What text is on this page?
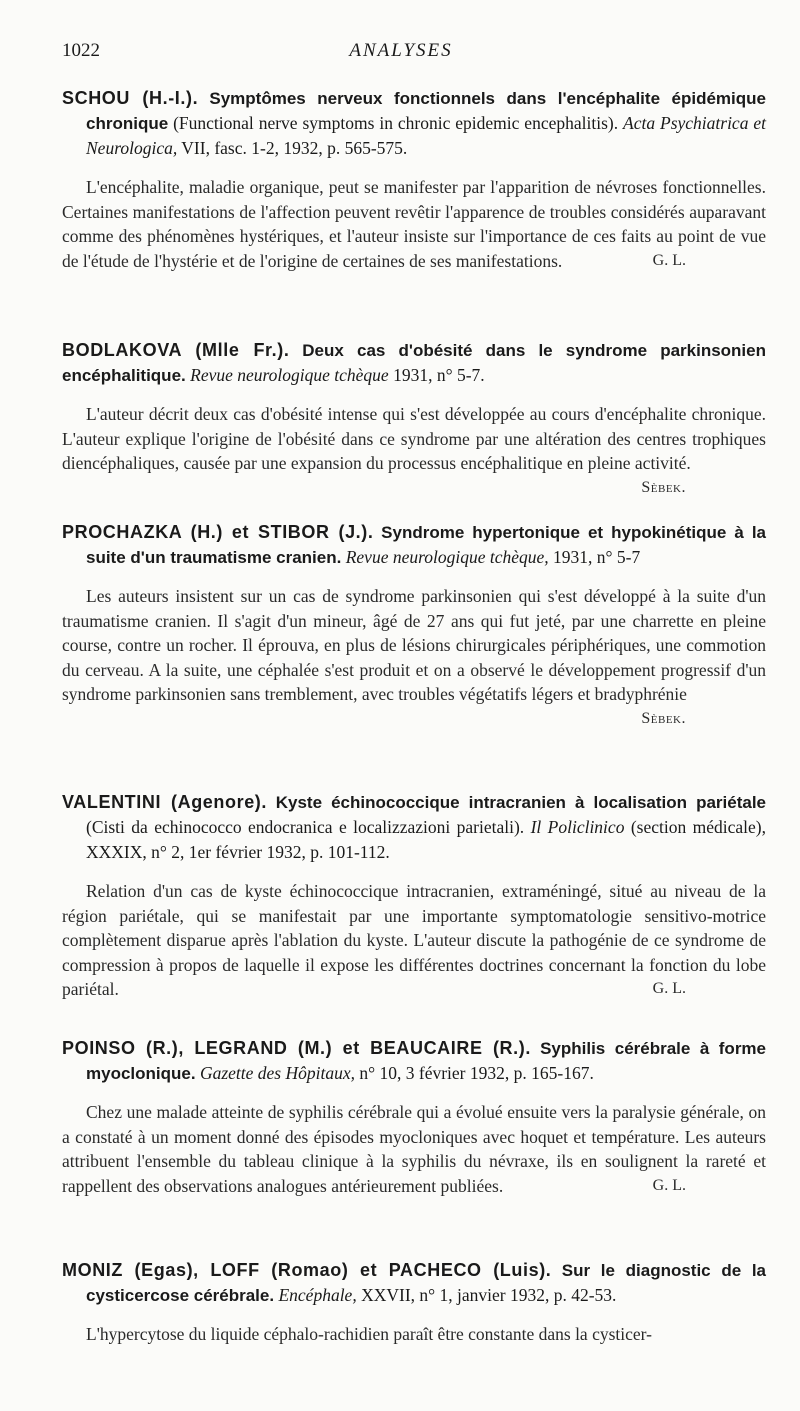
1022	ANALYSES

SCHOU (H.-I.). Symptômes nerveux fonctionnels dans l'encéphalite épidémique chronique (Functional nerve symptoms in chronic epidemic encephalitis). Acta Psychiatrica et Neurologica, VII, fasc. 1-2, 1932, p. 565-575.

L'encéphalite, maladie organique, peut se manifester par l'apparition de névroses fonctionnelles. Certaines manifestations de l'affection peuvent revêtir l'apparence de troubles considérés auparavant comme des phénomènes hystériques, et l'auteur insiste sur l'importance de ces faits au point de vue de l'étude de l'hystérie et de l'origine de certaines de ses manifestations.	G. L.

BODLAKOVA (Mlle Fr.). Deux cas d'obésité dans le syndrome parkinsonien encéphalitique. Revue neurologique tchèque 1931, n° 5-7.

L'auteur décrit deux cas d'obésité intense qui s'est développée au cours d'encéphalite chronique. L'auteur explique l'origine de l'obésité dans ce syndrome par une altération des centres trophiques diencéphaliques, causée par une expansion du processus encéphalitique en pleine activité.
Sèbek.

PROCHAZKA (H.) et STIBOR (J.). Syndrome hypertonique et hypokinétique à la suite d'un traumatisme cranien. Revue neurologique tchèque, 1931, n° 5-7

Les auteurs insistent sur un cas de syndrome parkinsonien qui s'est développé à la suite d'un traumatisme cranien. Il s'agit d'un mineur, âgé de 27 ans qui fut jeté, par une charrette en pleine course, contre un rocher. Il éprouva, en plus de lésions chirurgicales périphériques, une commotion du cerveau. A la suite, une céphalée s'est produit et on a observé le développement progressif d'un syndrome parkinsonien sans tremblement, avec troubles végétatifs légers et bradyphrénie
Sèbek.

VALENTINI (Agenore). Kyste échinococcique intracranien à localisation pariétale (Cisti da echinococco endocranica e localizzazioni parietali). Il Policlinico (section médicale), XXXIX, n° 2, 1er février 1932, p. 101-112.

Relation d'un cas de kyste échinococcique intracranien, extraméningé, situé au niveau de la région pariétale, qui se manifestait par une importante symptomatologie sensitivo-motrice complètement disparue après l'ablation du kyste. L'auteur discute la pathogénie de ce syndrome de compression à propos de laquelle il expose les différentes doctrines concernant la fonction du lobe pariétal.	G. L.

POINSO (R.), LEGRAND (M.) et BEAUCAIRE (R.). Syphilis cérébrale à forme myoclonique. Gazette des Hôpitaux, n° 10, 3 février 1932, p. 165-167.

Chez une malade atteinte de syphilis cérébrale qui a évolué ensuite vers la paralysie générale, on a constaté à un moment donné des épisodes myocloniques avec hoquet et température. Les auteurs attribuent l'ensemble du tableau clinique à la syphilis du névraxe, ils en soulignent la rareté et rappellent des observations analogues antérieurement publiées.	G. L.

MONIZ (Egas), LOFF (Romao) et PACHECO (Luis). Sur le diagnostic de la cysticercose cérébrale. Encéphale, XXVII, n° 1, janvier 1932, p. 42-53.

L'hypercytose du liquide céphalo-rachidien paraît être constante dans la cysticer-
